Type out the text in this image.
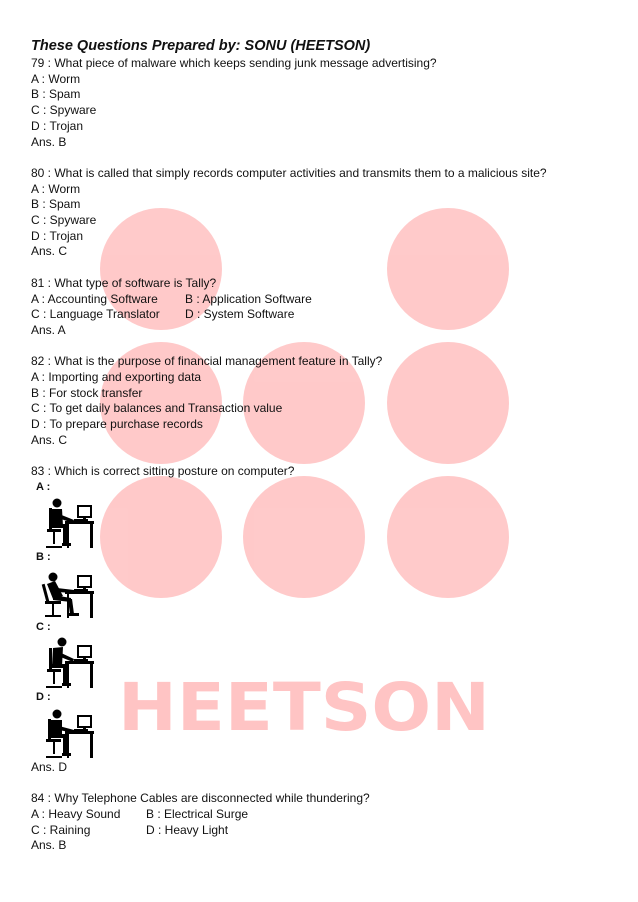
HEETSON
These Questions Prepared by: SONU (HEETSON)
79 : What piece of malware which keeps sending junk message advertising?
A : Worm
B : Spam
C : Spyware
D : Trojan
Ans. B
80 : What is called that simply records computer activities and transmits them to a malicious site?
A : Worm
B : Spam
C : Spyware
D : Trojan
Ans. C
81 : What type of software is Tally?
A : Accounting Software	B : Application Software
C : Language Translator	D : System Software
Ans. A
82 : What is the purpose of financial management feature in Tally?
A : Importing and exporting data
B : For stock transfer
C : To get daily balances and Transaction value
D : To prepare purchase records
Ans. C
83 : Which is correct sitting posture on computer?
A :
B :
C :
D :
Ans. D
84 : Why Telephone Cables are disconnected while thundering?
A : Heavy Sound	B : Electrical Surge
C : Raining	D : Heavy Light
Ans. B
